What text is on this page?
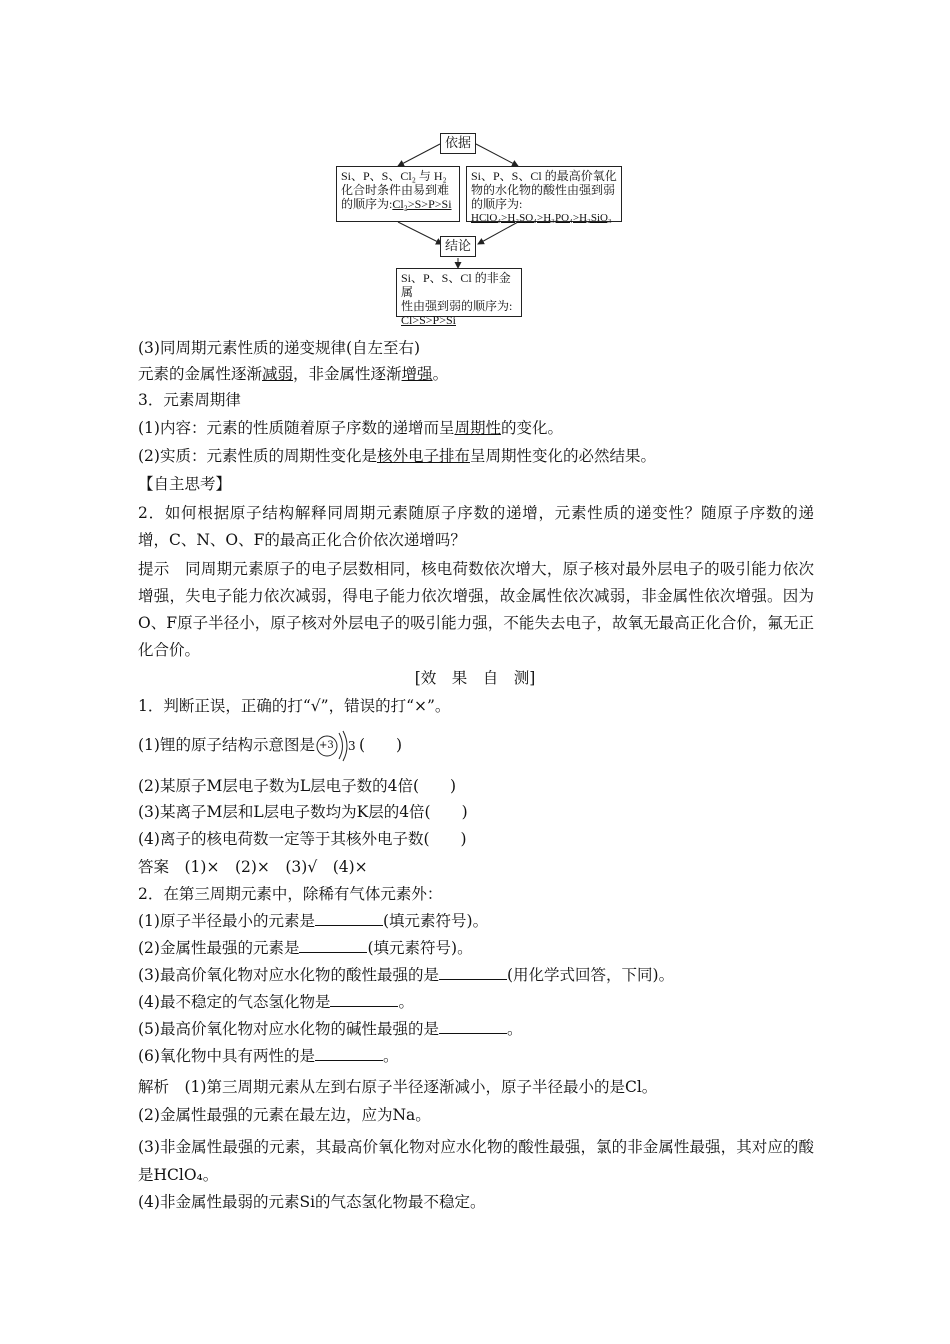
依据
Si、P、S、Cl₂ 与 H₂
化合时条件由易到难
的顺序为:Cl₂>S>P>Si
Si、P、S、Cl 的最高价氧化
物的水化物的酸性由强到弱
的顺序为:
HClO₄>H₂SO₄>H₃PO₄>H₂SiO₃
结论
Si、P、S、Cl 的非金属
性由强到弱的顺序为:
Cl>S>P>Si
(3)同周期元素性质的递变规律(自左至右)
元素的金属性逐渐减弱，非金属性逐渐增强。
3．元素周期律
(1)内容：元素的性质随着原子序数的递增而呈周期性的变化。
(2)实质：元素性质的周期性变化是核外电子排布呈周期性变化的必然结果。
【自主思考】
2．如何根据原子结构解释同周期元素随原子序数的递增，元素性质的递变性？随原子序数的递增，C、N、O、F的最高正化合价依次递增吗？
提示　同周期元素原子的电子层数相同，核电荷数依次增大，原子核对最外层电子的吸引能力依次增强，失电子能力依次减弱，得电子能力依次增强，故金属性依次减弱，非金属性依次增强。因为O、F原子半径小，原子核对外层电子的吸引能力强，不能失去电子，故氧无最高正化合价，氟无正化合价。
[效　果　自　测]
1．判断正误，正确的打“√”，错误的打“×”。
(1)锂的原子结构示意图是 +3 3 (　　)
(2)某原子M层电子数为L层电子数的4倍(　　)
(3)某离子M层和L层电子数均为K层的4倍(　　)
(4)离子的核电荷数一定等于其核外电子数(　　)
答案　(1)×　(2)×　(3)√　(4)×
2．在第三周期元素中，除稀有气体元素外：
(1)原子半径最小的元素是	(填元素符号)。
(2)金属性最强的元素是	(填元素符号)。
(3)最高价氧化物对应水化物的酸性最强的是	(用化学式回答，下同)。
(4)最不稳定的气态氢化物是	。
(5)最高价氧化物对应水化物的碱性最强的是	。
(6)氧化物中具有两性的是	。
解析　(1)第三周期元素从左到右原子半径逐渐减小，原子半径最小的是Cl。
(2)金属性最强的元素在最左边，应为Na。
(3)非金属性最强的元素，其最高价氧化物对应水化物的酸性最强，氯的非金属性最强，其对应的酸是HClO₄。
(4)非金属性最弱的元素Si的气态氢化物最不稳定。
